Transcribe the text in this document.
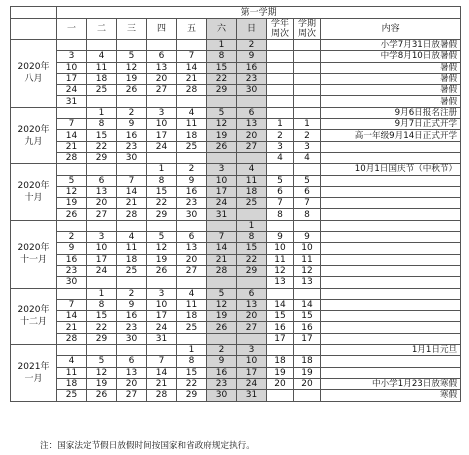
	第一学期									
	一	二	三	四	五	六	日	学年
周次	学期
周次	内容
2020年
八月						1	2			小学7月31日放暑假
	3	4	5	6	7	8	9			中学8月10日放暑假
	10	11	12	13	14	15	16			暑假
	17	18	19	20	21	22	23			暑假
	24	25	26	27	28	29	30			暑假
	31									暑假
2020年
九月		1	2	3	4	5	6			9月6日报名注册
	7	8	9	10	11	12	13	1	1	9月7日正式开学
	14	15	16	17	18	19	20	2	2	高一年级9月14日正式开学
	21	22	23	24	25	26	27	3	3	
	28	29	30					4	4	
2020年
十月				1	2	3	4			10月1日国庆节（中秋节）
	5	6	7	8	9	10	11	5	5	
	12	13	14	15	16	17	18	6	6	
	19	20	21	22	23	24	25	7	7	
	26	27	28	29	30	31		8	8	
2020年
十一月							1			
	2	3	4	5	6	7	8	9	9	
	9	10	11	12	13	14	15	10	10	
	16	17	18	19	20	21	22	11	11	
	23	24	25	26	27	28	29	12	12	
	30							13	13	
2020年
十二月		1	2	3	4	5	6			
	7	8	9	10	11	12	13	14	14	
	14	15	16	17	18	19	20	15	15	
	21	22	23	24	25	26	27	16	16	
	28	29	30	31				17	17	
2021年
一月					1	2	3			1月1日元旦
	4	5	6	7	8	9	10	18	18	
	11	12	13	14	15	16	17	19	19	
	18	19	20	21	22	23	24	20	20	中小学1月23日放寒假
	25	26	27	28	29	30	31			寒假
注：国家法定节假日放假时间按国家和省政府规定执行。
